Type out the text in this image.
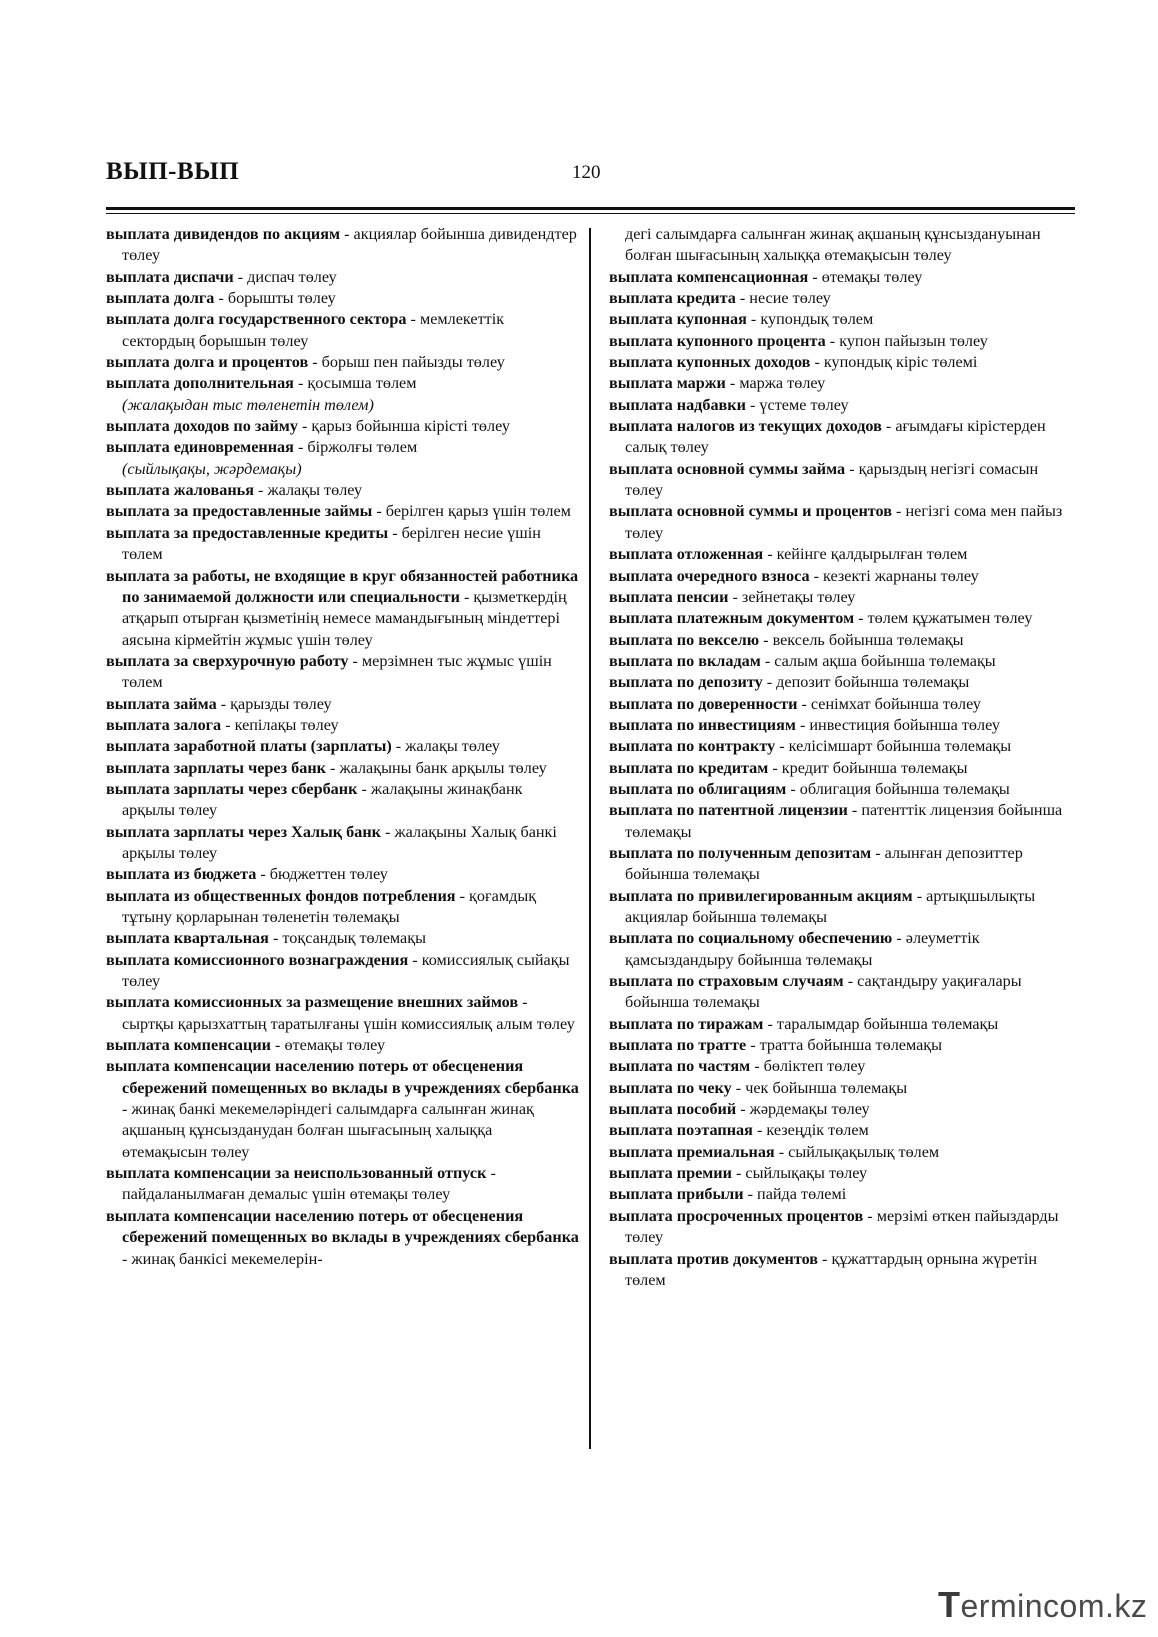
ВЫП-ВЫП	120
выплата дивидендов по акциям - акциялар бойынша дивидендтер төлеу
выплата диспачи - диспач төлеу
выплата долга - борышты төлеу
выплата долга государственного сектора - мемлекеттік сектордың борышын төлеу
выплата долга и процентов - борыш пен пайызды төлеу
выплата дополнительная - қосымша төлем
(жалақыдан тыс төленетін төлем)
выплата доходов по займу - қарыз бойынша кірісті төлеу
выплата единовременная - біржолғы төлем
(сыйлықақы, жәрдемақы)
выплата жалованья - жалақы төлеу
выплата за предоставленные займы - берілген қарыз үшін төлем
выплата за предоставленные кредиты - берілген несие үшін төлем
выплата за работы, не входящие в круг обязанностей работника по занимаемой должности или специальности - қызметкердің атқарып отырған қызметінің немесе мамандығының міндеттері аясына кірмейтін жұмыс үшін төлеу
выплата за сверхурочную работу - мерзімнен тыс жұмыс үшін төлем
выплата займа - қарызды төлеу
выплата залога - кепілақы төлеу
выплата заработной платы (зарплаты) - жалақы төлеу
выплата зарплаты через банк - жалақыны банк арқылы төлеу
выплата зарплаты через сбербанк - жалақыны жинақбанк арқылы төлеу
выплата зарплаты через Халық банк - жалақыны Халық банкі арқылы төлеу
выплата из бюджета - бюджеттен төлеу
выплата из общественных фондов потребления - қоғамдық тұтыну қорларынан төленетін төлемақы
выплата квартальная - тоқсандық төлемақы
выплата комиссионного вознаграждения - комиссиялық сыйақы төлеу
выплата комиссионных за размещение внешних займов - сыртқы қарызхаттың таратылғаны үшін комиссиялық алым төлеу
выплата компенсации - өтемақы төлеу
выплата компенсации населению потерь от обесценения сбережений помещенных во вклады в учреждениях сбербанка - жинақ банкі мекемеләріндегі салымдарға салынған жинақ ақшаның құнсызданудан болған шығасының халыққа өтемақысын төлеу
выплата компенсации за неиспользованный отпуск - пайдаланылмаған демалыс үшін өтемақы төлеу
выплата компенсации населению потерь от обесценения сбережений помещенных во вклады в учреждениях сбербанка - жинақ банкісі мекемелерін-
дегі салымдарға салынған жинақ ақшаның құнсыздануынан болған шығасының халыққа өтемақысын төлеу
выплата компенсационная - өтемақы төлеу
выплата кредита - несие төлеу
выплата купонная - купондық төлем
выплата купонного процента - купон пайызын төлеу
выплата купонных доходов - купондық кіріс төлемі
выплата маржи - маржа төлеу
выплата надбавки - үстеме төлеу
выплата налогов из текущих доходов - ағымдағы кірістерден салық төлеу
выплата основной суммы займа - қарыздың негізгі сомасын төлеу
выплата основной суммы и процентов - негізгі сома мен пайыз төлеу
выплата отложенная - кейінге қалдырылған төлем
выплата очередного взноса - кезекті жарнаны төлеу
выплата пенсии - зейнетақы төлеу
выплата платежным документом - төлем құжатымен төлеу
выплата по векселю - вексель бойынша төлемақы
выплата по вкладам - салым ақша бойынша төлемақы
выплата по депозиту - депозит бойынша төлемақы
выплата по доверенности - сенімхат бойынша төлеу
выплата по инвестициям - инвестиция бойынша төлеу
выплата по контракту - келісімшарт бойынша төлемақы
выплата по кредитам - кредит бойынша төлемақы
выплата по облигациям - облигация бойынша төлемақы
выплата по патентной лицензии - патенттік лицензия бойынша төлемақы
выплата по полученным депозитам - алынған депозиттер бойынша төлемақы
выплата по привилегированным акциям - артықшылықты акциялар бойынша төлемақы
выплата по социальному обеспечению - әлеуметтік қамсыздандыру бойынша төлемақы
выплата по страховым случаям - сақтандыру уақиғалары бойынша төлемақы
выплата по тиражам - таралымдар бойынша төлемақы
выплата по тратте - тратта бойынша төлемақы
выплата по частям - бөліктеп төлеу
выплата по чеку - чек бойынша төлемақы
выплата пособий - жәрдемақы төлеу
выплата поэтапная - кезеңдік төлем
выплата премиальная - сыйлықақылық төлем
выплата премии - сыйлықақы төлеу
выплата прибыли - пайда төлемі
выплата просроченных процентов - мерзімі өткен пайыздарды төлеу
выплата против документов - құжаттардың орнына жүретін төлем
Termincom.kz
